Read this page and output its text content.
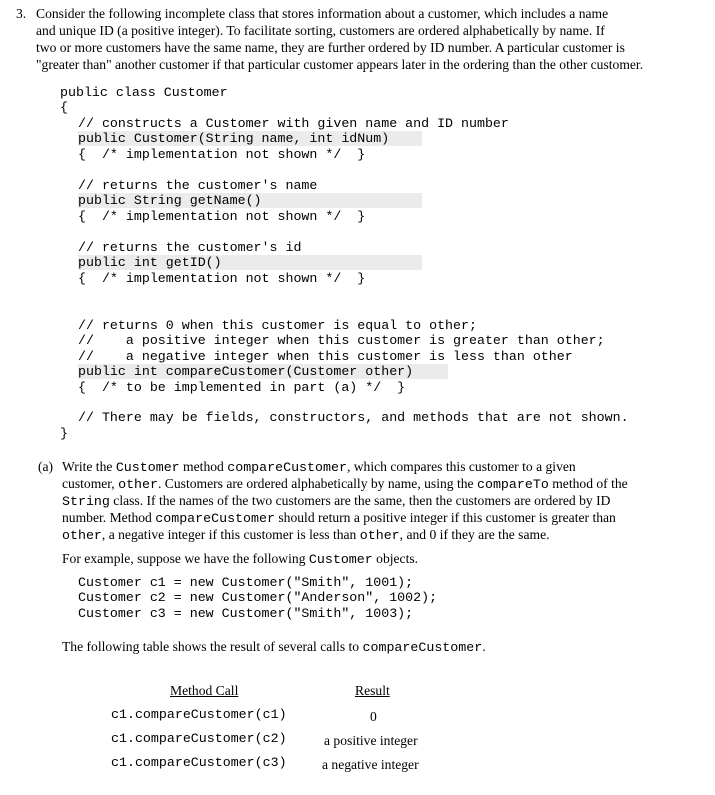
3.

Consider the following incomplete class that stores information about a customer, which includes a name

and unique ID (a positive integer). To facilitate sorting, customers are ordered alphabetically by name. If

two or more customers have the same name, they are further ordered by ID number. A particular customer is

"greater than" another customer if that particular customer appears later in the ordering than the other customer.

public class Customer
{
// constructs a Customer with given name and ID number
public Customer(String name, int idNum)
{  /* implementation not shown */  }
// returns the customer's name
public String getName()
{  /* implementation not shown */  }
// returns the customer's id
public int getID()
{  /* implementation not shown */  }
// returns 0 when this customer is equal to other;
//    a positive integer when this customer is greater than other;
//    a negative integer when this customer is less than other
public int compareCustomer(Customer other)
{  /* to be implemented in part (a) */  }
// There may be fields, constructors, and methods that are not shown.
}
(a) Write the Customer method compareCustomer, which compares this customer to a given
customer, other. Customers are ordered alphabetically by name, using the compareTo method of the
String class. If the names of the two customers are the same, then the customers are ordered by ID
number. Method compareCustomer should return a positive integer if this customer is greater than
other, a negative integer if this customer is less than other, and 0 if they are the same.
For example, suppose we have the following Customer objects.
Customer c1 = new Customer("Smith", 1001);
Customer c2 = new Customer("Anderson", 1002);
Customer c3 = new Customer("Smith", 1003);
The following table shows the result of several calls to compareCustomer.
Method Call	Result
c1.compareCustomer(c1)	0
c1.compareCustomer(c2)	a positive integer
c1.compareCustomer(c3)	a negative integer
